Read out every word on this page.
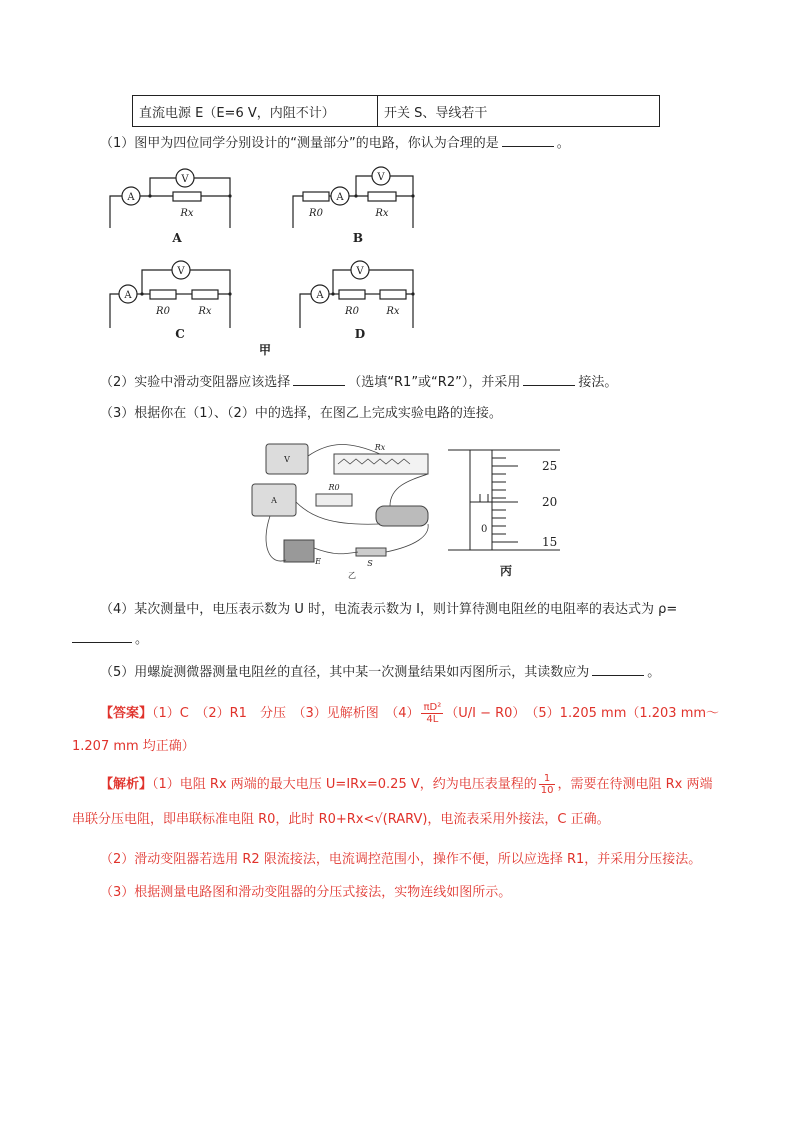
直流电源 E（E=6 V，内阻不计）	开关 S、导线若干
（1）图甲为四位同学分别设计的“测量部分”的电路，你认为合理的是	。
A
V
Rx
A
V
R0	Rx
A
V
R0	Rx
A
V
R0	Rx
A	B
C	D
甲
（2）实验中滑动变阻器应该选择	（选填“R1”或“R2”），并采用	接法。
（3）根据你在（1）、（2）中的选择，在图乙上完成实验电路的连接。
V
A
R0
Rx
E	S
乙
25
20
15
0
丙
（4）某次测量中，电压表示数为 U 时，电流表示数为 I，则计算待测电阻丝的电阻率的表达式为 ρ=
。
（5）用螺旋测微器测量电阻丝的直径，其中某一次测量结果如丙图所示，其读数应为	。
【答案】（1）C　（2）R1　分压　（3）见解析图　$(4) \frac{\text{πD²}}{4L} (U/I - R0)$　（5）1.205 mm（1.203 mm～
1.207 mm 均正确）
【解析】（1）电阻 Rx 两端的最大电压 U=IRx=0.25 V，约为电压表量程的 $\frac{1}{10}$ ，需要在待测电阻 Rx 两端
串联分压电阻，即串联标准电阻 R0，此时 R0+Rx<√(RARV)，电流表采用外接法，C 正确。
（2）滑动变阻器若选用 R2 限流接法，电流调控范围小，操作不便，所以应选择 R1，并采用分压接法。
（3）根据测量电路图和滑动变阻器的分压式接法，实物连线如图所示。
